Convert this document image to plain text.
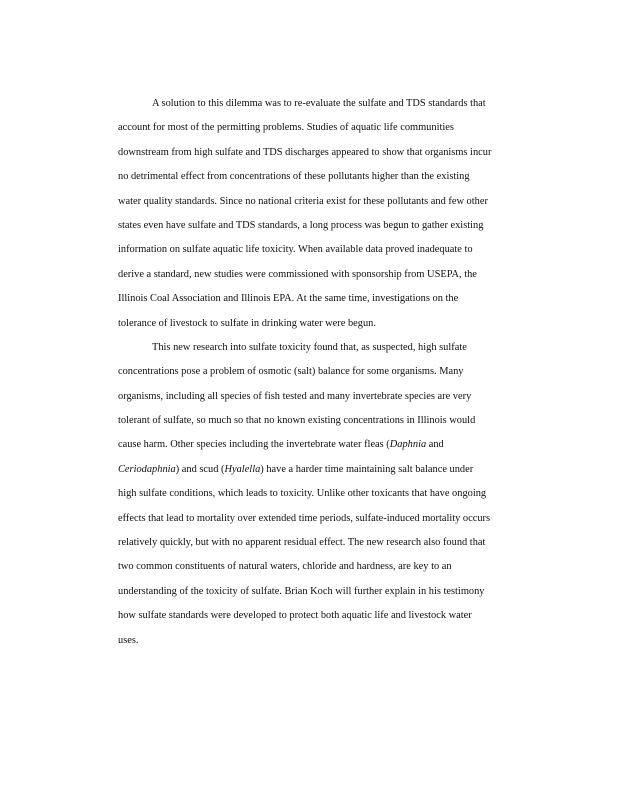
A solution to this dilemma was to re-evaluate the sulfate and TDS standards that
account for most of the permitting problems. Studies of aquatic life communities
downstream from high sulfate and TDS discharges appeared to show that organisms incur
no detrimental effect from concentrations of these pollutants higher than the existing
water quality standards. Since no national criteria exist for these pollutants and few other
states even have sulfate and TDS standards, a long process was begun to gather existing
information on sulfate aquatic life toxicity. When available data proved inadequate to
derive a standard, new studies were commissioned with sponsorship from USEPA, the
Illinois Coal Association and Illinois EPA. At the same time, investigations on the
tolerance of livestock to sulfate in drinking water were begun.
This new research into sulfate toxicity found that, as suspected, high sulfate
concentrations pose a problem of osmotic (salt) balance for some organisms. Many
organisms, including all species of fish tested and many invertebrate species are very
tolerant of sulfate, so much so that no known existing concentrations in Illinois would
cause harm. Other species including the invertebrate water fleas (Daphnia and
Ceriodaphnia) and scud (Hyalella) have a harder time maintaining salt balance under
high sulfate conditions, which leads to toxicity. Unlike other toxicants that have ongoing
effects that lead to mortality over extended time periods, sulfate-induced mortality occurs
relatively quickly, but with no apparent residual effect. The new research also found that
two common constituents of natural waters, chloride and hardness, are key to an
understanding of the toxicity of sulfate. Brian Koch will further explain in his testimony
how sulfate standards were developed to protect both aquatic life and livestock water
uses.
